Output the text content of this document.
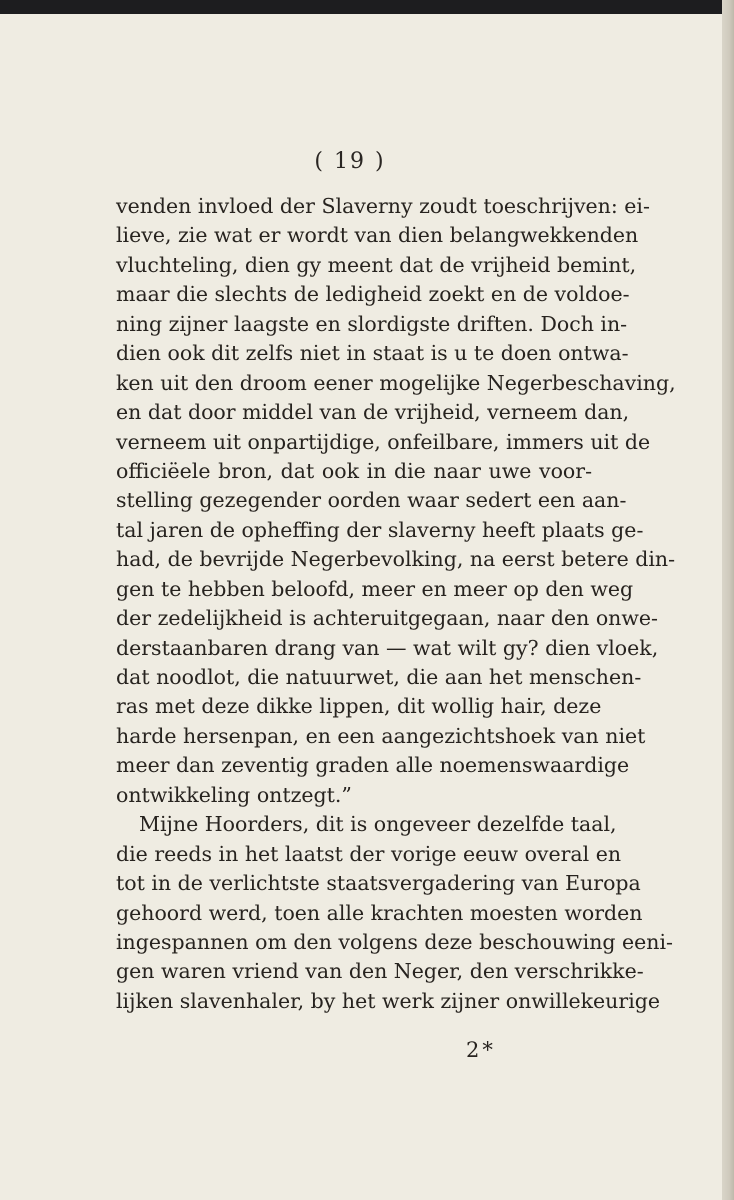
( 19 )
venden invloed der Slaverny zoudt toeschrijven: ei-
lieve, zie wat er wordt van dien belangwekkenden
vluchteling, dien gy meent dat de vrijheid bemint,
maar die slechts de ledigheid zoekt en de voldoe-
ning zijner laagste en slordigste driften. Doch in-
dien ook dit zelfs niet in staat is u te doen ontwa-
ken uit den droom eener mogelijke Negerbeschaving,
en dat door middel van de vrijheid, verneem dan,
verneem uit onpartijdige, onfeilbare, immers uit de
officiëele bron, dat ook in die naar uwe voor-
stelling gezegender oorden waar sedert een aan-
tal jaren de opheffing der slaverny heeft plaats ge-
had, de bevrijde Negerbevolking, na eerst betere din-
gen te hebben beloofd, meer en meer op den weg
der zedelijkheid is achteruitgegaan, naar den onwe-
derstaanbaren drang van — wat wilt gy? dien vloek,
dat noodlot, die natuurwet, die aan het menschen-
ras met deze dikke lippen, dit wollig hair, deze
harde hersenpan, en een aangezichtshoek van niet
meer dan zeventig graden alle noemenswaardige
ontwikkeling ontzegt.”
Mijne Hoorders, dit is ongeveer dezelfde taal,
die reeds in het laatst der vorige eeuw overal en
tot in de verlichtste staatsvergadering van Europa
gehoord werd, toen alle krachten moesten worden
ingespannen om den volgens deze beschouwing eeni-
gen waren vriend van den Neger, den verschrikke-
lijken slavenhaler, by het werk zijner onwillekeurige
2*
